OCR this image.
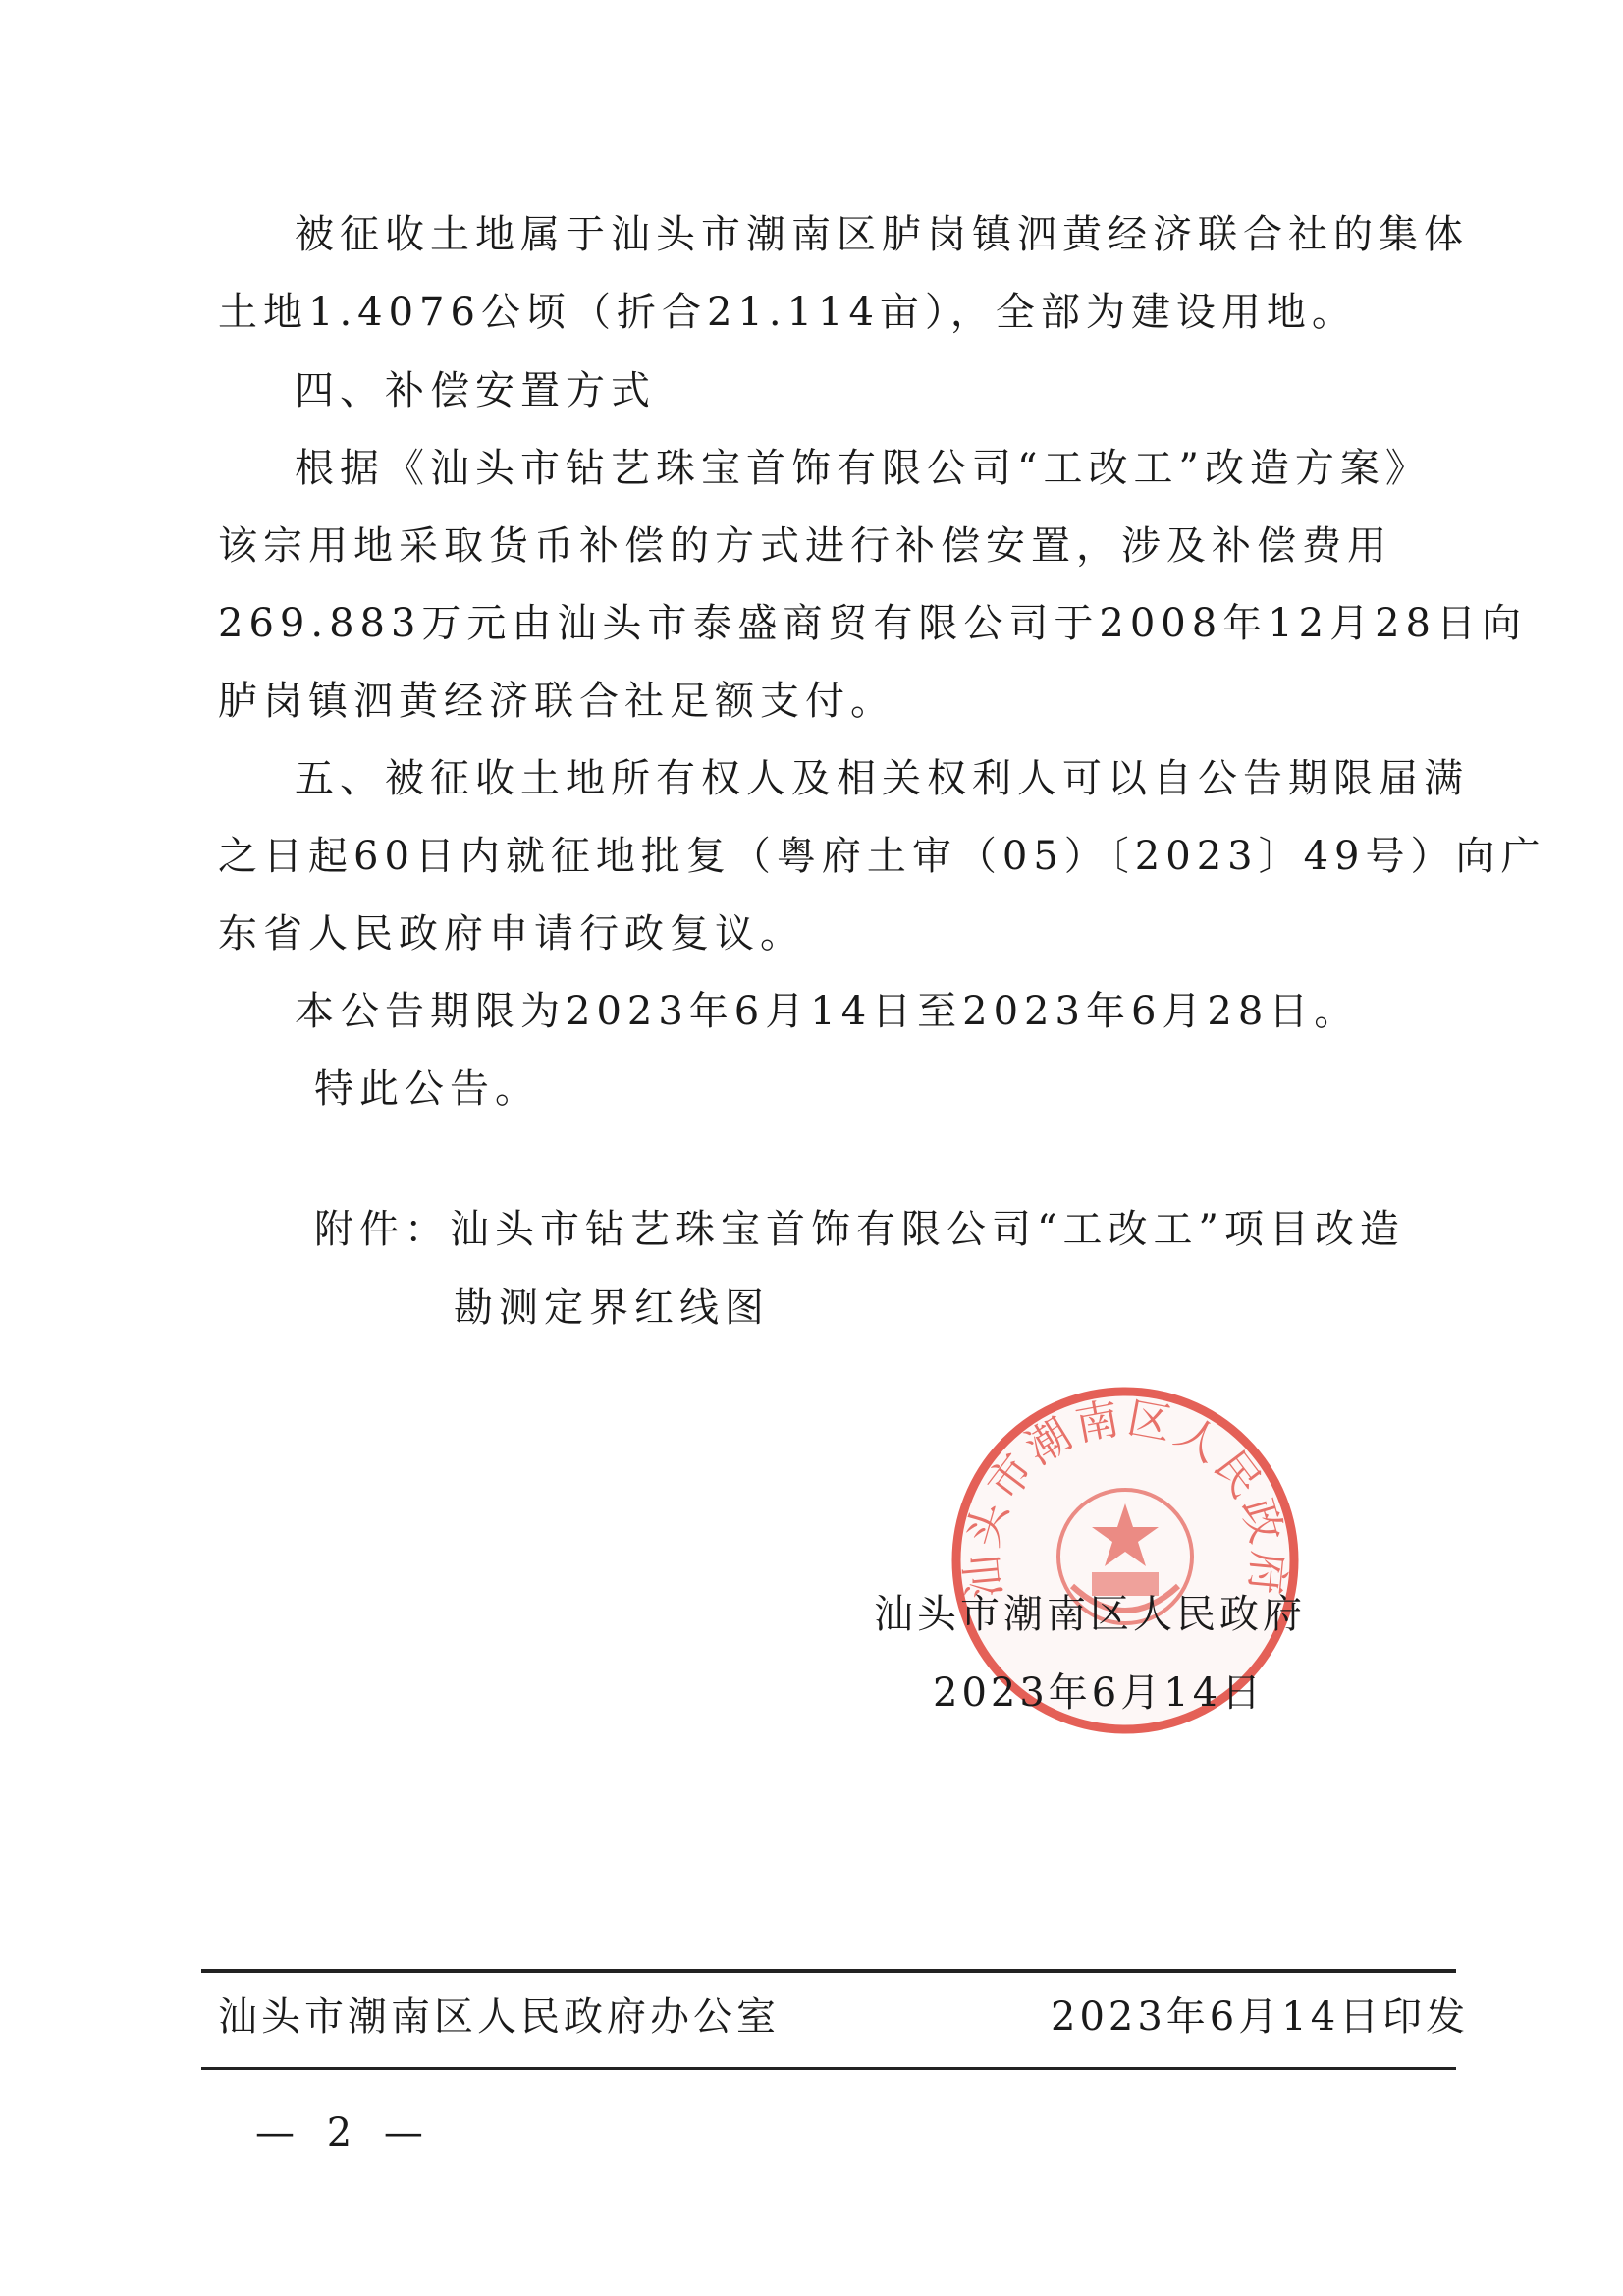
被征收土地属于汕头市潮南区胪岗镇泗黄经济联合社的集体
土地1.4076公顷（折合21.114亩），全部为建设用地。
四、补偿安置方式
根据《汕头市钻艺珠宝首饰有限公司“工改工”改造方案》
该宗用地采取货币补偿的方式进行补偿安置，涉及补偿费用
269.883万元由汕头市泰盛商贸有限公司于2008年12月28日向
胪岗镇泗黄经济联合社足额支付。
五、被征收土地所有权人及相关权利人可以自公告期限届满
之日起60日内就征地批复（粤府土审（05）〔2023〕49号）向广
东省人民政府申请行政复议。
本公告期限为2023年6月14日至2023年6月28日。
特此公告。
附件：汕头市钻艺珠宝首饰有限公司“工改工”项目改造
勘测定界红线图
汕头市潮南区人民政府
汕头市潮南区人民政府
2023年6月14日
汕头市潮南区人民政府办公室	2023年6月14日印发
— 2 —
